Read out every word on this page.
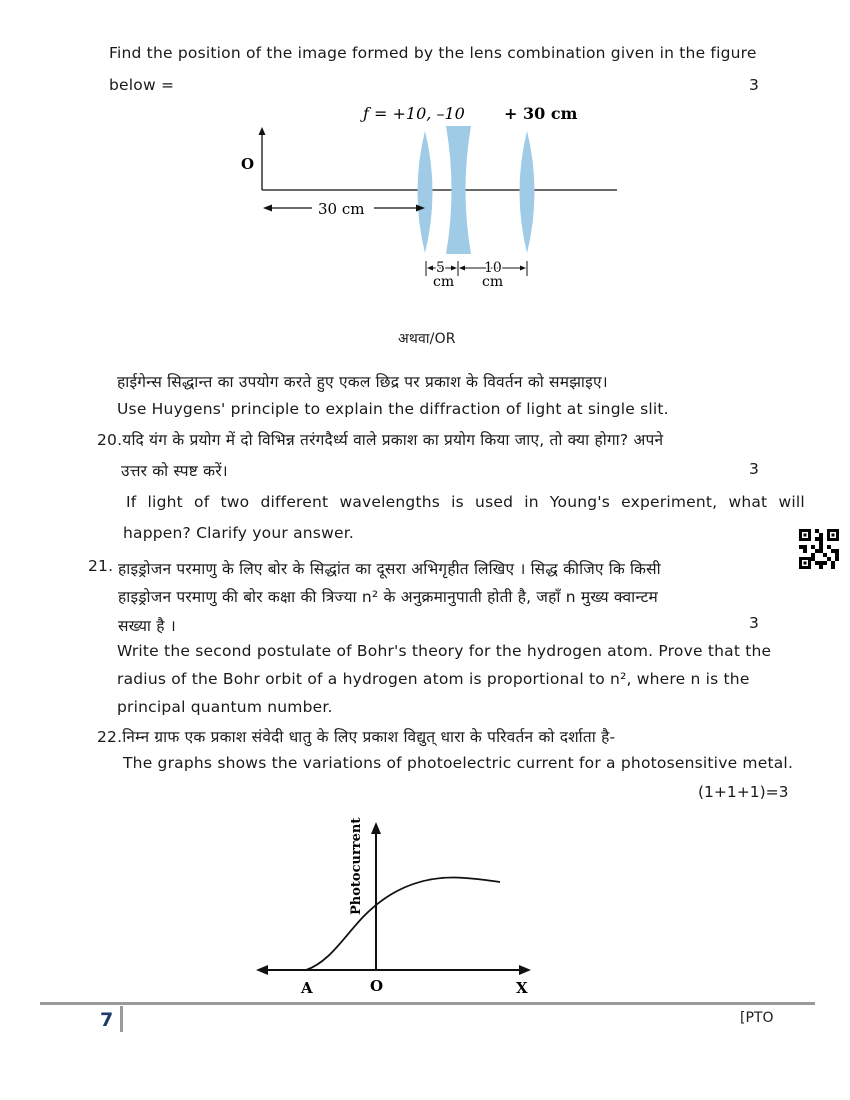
Find the position of the image formed by the lens combination given in the figure
below =	3
ƒ = +10, –10 + 30 cm
O
30 cm
5	10
cm cm
अथवा/OR
हाईगेन्स सिद्धान्त का उपयोग करते हुए एकल छिद्र पर प्रकाश के विवर्तन को समझाइए।
Use Huygens' principle to explain the diffraction of light at single slit.
20.यदि यंग के प्रयोग में दो विभिन्न तरंगदैर्ध्य वाले प्रकाश का प्रयोग किया जाए, तो क्या होगा? अपने
उत्तर को स्पष्ट करें।	3
If light of two different wavelengths is used in Young's experiment, what will
happen? Clarify your answer.
21. हाइड्रोजन परमाणु के लिए बोर के सिद्धांत का दूसरा अभिगृहीत लिखिए । सिद्ध कीजिए कि किसी
हाइड्रोजन परमाणु की बोर कक्षा की त्रिज्या n² के अनुक्रमानुपाती होती है, जहाँ n मुख्य क्वान्टम
सख्या है ।	3
Write the second postulate of Bohr's theory for the hydrogen atom. Prove that the
radius of the Bohr orbit of a hydrogen atom is proportional to n², where n is the
principal quantum number.
22.निम्न ग्राफ एक प्रकाश संवेदी धातु के लिए प्रकाश विद्युत् धारा के परिवर्तन को दर्शाता है-
The graphs shows the variations of photoelectric current for a photosensitive metal.
(1+1+1)=3
Photocurrent
A	O	X
7	[PTO
